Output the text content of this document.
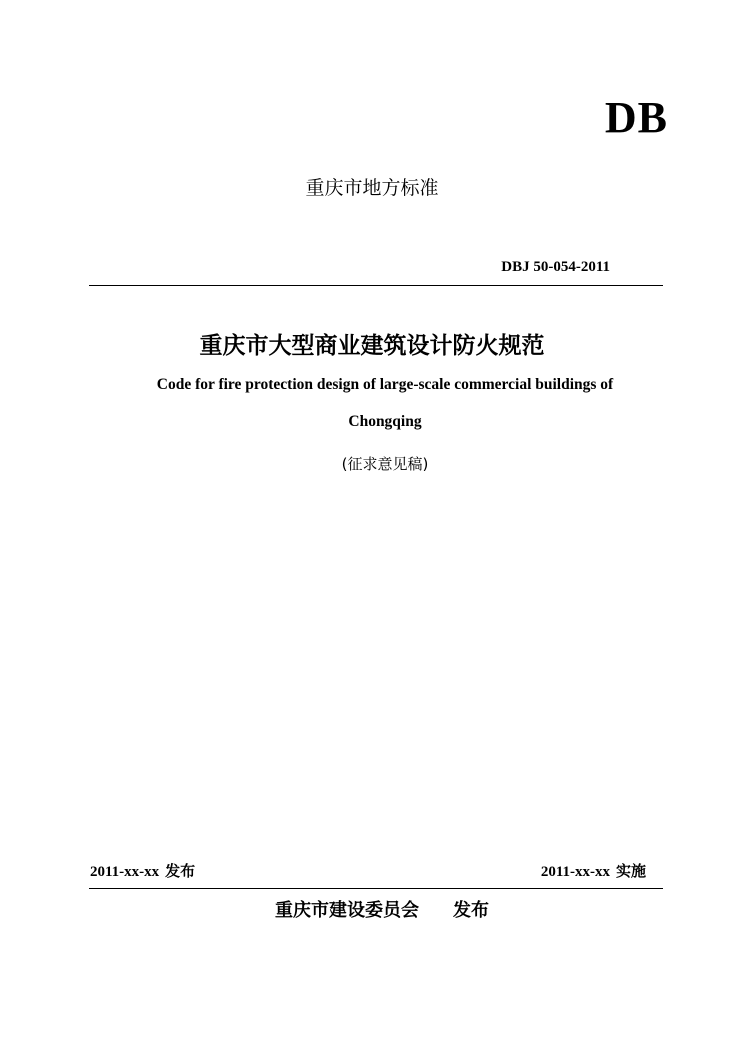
DB
重庆市地方标准
DBJ 50-054-2011
重庆市大型商业建筑设计防火规范
Code for fire protection design of large-scale commercial buildings of
Chongqing
(征求意见稿)
2011-xx-xx 发布	2011-xx-xx 实施
重庆市建设委员会 发布
